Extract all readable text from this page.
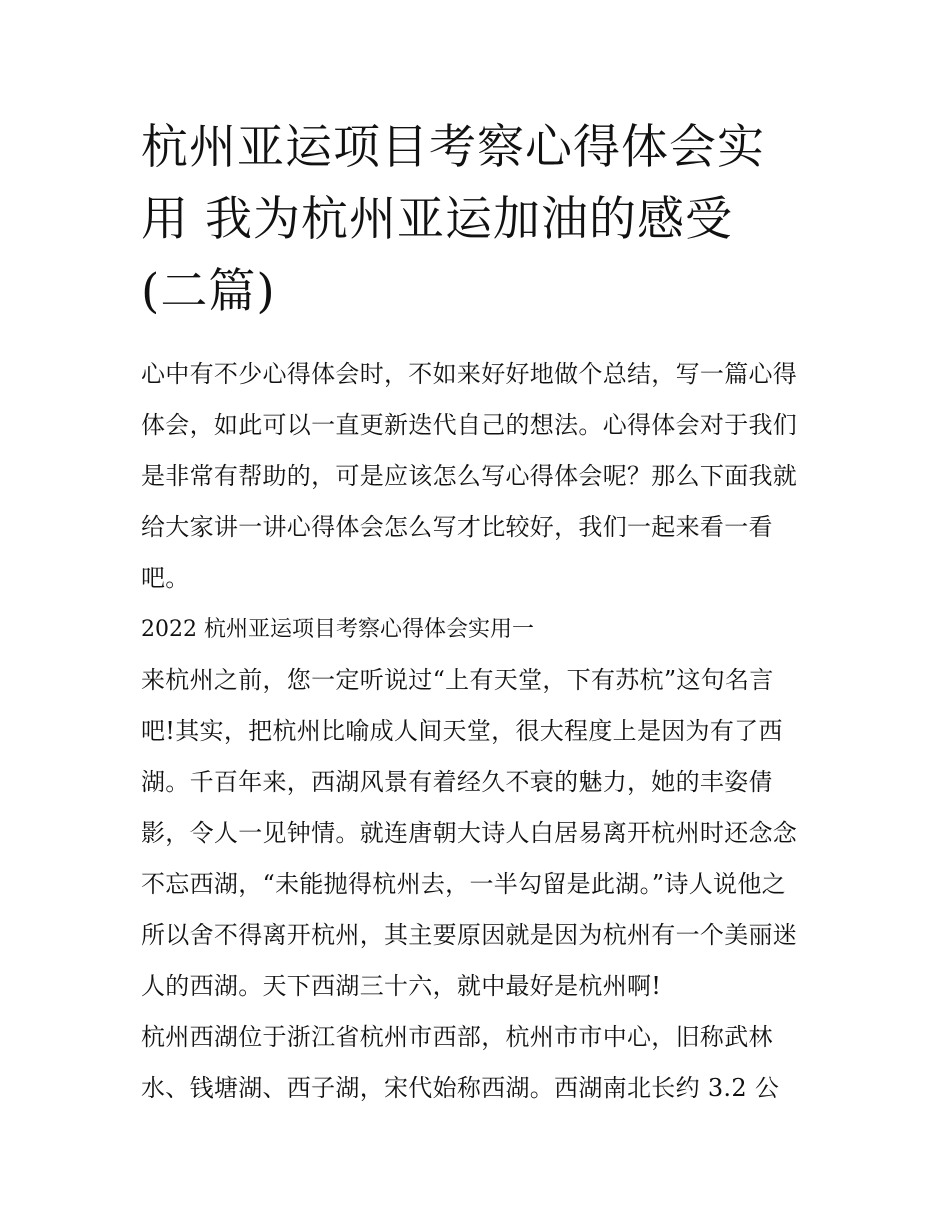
杭州亚运项目考察心得体会实
用 我为杭州亚运加油的感受
(二篇)

心中有不少心得体会时，不如来好好地做个总结，写一篇心得
体会，如此可以一直更新迭代自己的想法。心得体会对于我们
是非常有帮助的，可是应该怎么写心得体会呢？那么下面我就
给大家讲一讲心得体会怎么写才比较好，我们一起来看一看
吧。

2022 杭州亚运项目考察心得体会实用一

来杭州之前，您一定听说过“上有天堂，下有苏杭”这句名言
吧!其实，把杭州比喻成人间天堂，很大程度上是因为有了西
湖。千百年来，西湖风景有着经久不衰的魅力，她的丰姿倩
影，令人一见钟情。就连唐朝大诗人白居易离开杭州时还念念
不忘西湖，“未能抛得杭州去，一半勾留是此湖。”诗人说他之
所以舍不得离开杭州，其主要原因就是因为杭州有一个美丽迷
人的西湖。天下西湖三十六，就中最好是杭州啊!

杭州西湖位于浙江省杭州市西部，杭州市市中心，旧称武林
水、钱塘湖、西子湖，宋代始称西湖。西湖南北长约 3.2 公
